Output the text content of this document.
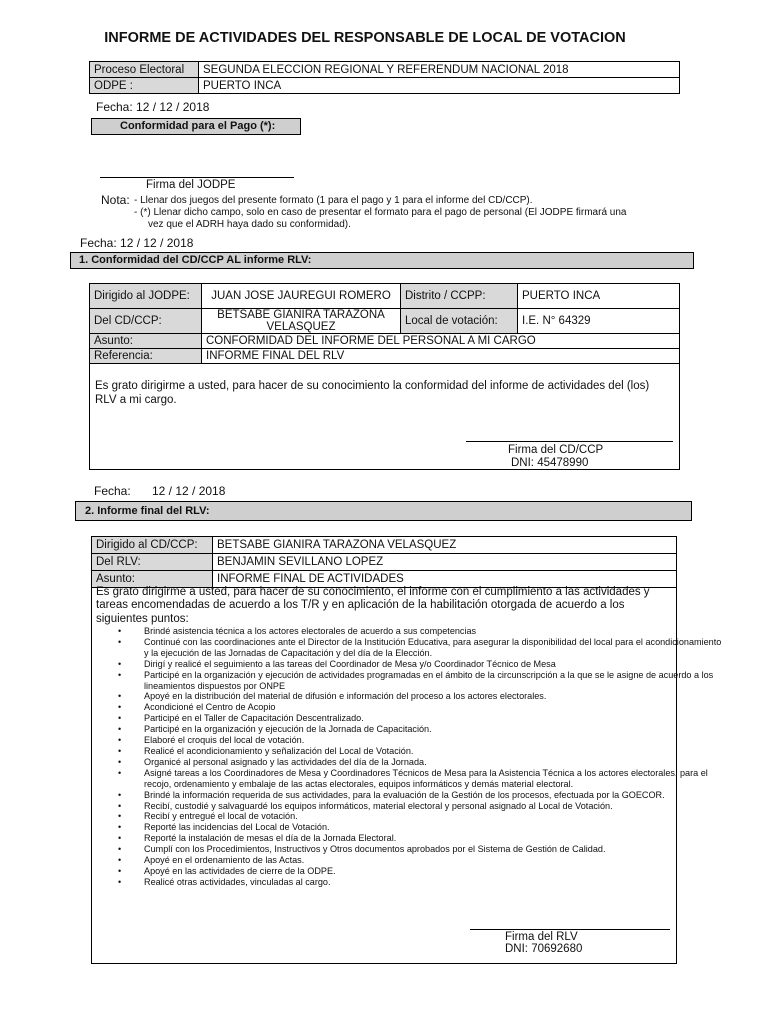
INFORME DE ACTIVIDADES DEL RESPONSABLE DE LOCAL DE VOTACION
Proceso Electoral	SEGUNDA ELECCION REGIONAL Y REFERENDUM NACIONAL 2018
ODPE :	PUERTO INCA
Fecha: 12 / 12 / 2018
Conformidad para el Pago (*):
Firma del JODPE
Nota: - Llenar dos juegos del presente formato (1 para el pago y 1 para el informe del CD/CCP).
- (*) Llenar dicho campo, solo en caso de presentar el formato para el pago de personal (El JODPE firmará una
vez que el ADRH haya dado su conformidad).
Fecha: 12 / 12 / 2018
1. Conformidad del CD/CCP AL informe RLV:
Dirigido al JODPE:	JUAN JOSE JAUREGUI ROMERO	Distrito / CCPP:	PUERTO INCA
Del CD/CCP:	BETSABE GIANIRA TARAZONA VELASQUEZ	Local de votación:	I.E. N° 64329
Asunto:	CONFORMIDAD DEL INFORME DEL PERSONAL A MI CARGO		
Referencia:	INFORME FINAL DEL RLV		
Es grato dirigirme a usted, para hacer de su conocimiento la conformidad del informe de actividades del (los) RLV a mi cargo.
Firma del CD/CCP
DNI: 45478990
Fecha: 12 / 12 / 2018
2. Informe final del RLV:
Dirigido al CD/CCP:	BETSABE GIANIRA TARAZONA VELASQUEZ
Del RLV:	BENJAMIN SEVILLANO LOPEZ
Asunto:	INFORME FINAL DE ACTIVIDADES
Es grato dirigirme a usted, para hacer de su conocimiento, el informe con el cumplimiento a las actividades y tareas encomendadas de acuerdo a los T/R y en aplicación de la habilitación otorgada de acuerdo a los siguientes puntos:
• Brindé asistencia técnica a los actores electorales de acuerdo a sus competencias
• Continué con las coordinaciones ante el Director de la Institución Educativa, para asegurar la disponibilidad del local para el acondicionamiento y la ejecución de las Jornadas de Capacitación y del día de la Elección.
• Dirigí y realicé el seguimiento a las tareas del Coordinador de Mesa y/o Coordinador Técnico de Mesa
• Participé en la organización y ejecución de actividades programadas en el ámbito de la circunscripción a la que se le asigne de acuerdo a los lineamientos dispuestos por ONPE
• Apoyé en la distribución del material de difusión e información del proceso a los actores electorales.
• Acondicioné el Centro de Acopio
• Participé en el Taller de Capacitación Descentralizado.
• Participé en la organización y ejecución de la Jornada de Capacitación.
• Elaboré el croquis del local de votación.
• Realicé el acondicionamiento y señalización del Local de Votación.
• Organicé al personal asignado y las actividades del día de la Jornada.
• Asigné tareas a los Coordinadores de Mesa y Coordinadores Técnicos de Mesa para la Asistencia Técnica a los actores electorales, para el recojo, ordenamiento y embalaje de las actas electorales, equipos informáticos y demás material electoral.
• Brindé la información requerida de sus actividades, para la evaluación de la Gestión de los procesos, efectuada por la GOECOR.
• Recibí, custodié y salvaguardé los equipos informáticos, material electoral y personal asignado al Local de Votación.
• Recibí y entregué el local de votación.
• Reporté las incidencias del Local de Votación.
• Reporté la instalación de mesas el día de la Jornada Electoral.
• Cumplí con los Procedimientos, Instructivos y Otros documentos aprobados por el Sistema de Gestión de Calidad.
• Apoyé en el ordenamiento de las Actas.
• Apoyé en las actividades de cierre de la ODPE.
• Realicé otras actividades, vinculadas al cargo.
Firma del RLV
DNI: 70692680
